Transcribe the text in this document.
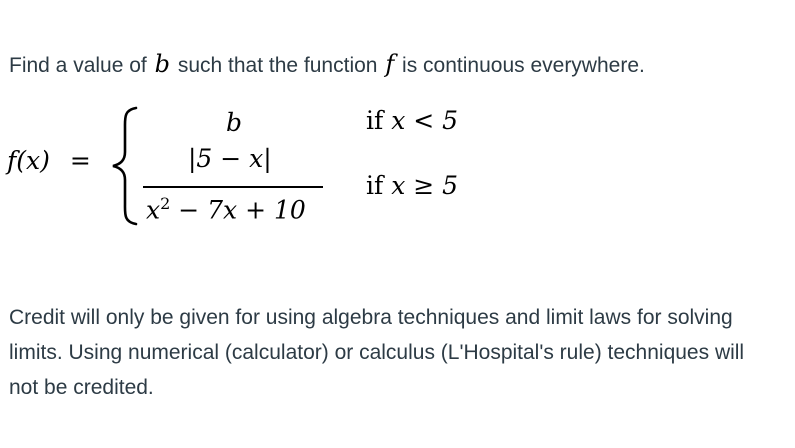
Find a value of b such that the function f is continuous everywhere.
f(x) =
b	if x < 5
|5 − x|
$x^2 - 7x + 10$
if x ≥ 5
Credit will only be given for using algebra techniques and limit laws for solving limits. Using numerical (calculator) or calculus (L'Hospital's rule) techniques will not be credited.
